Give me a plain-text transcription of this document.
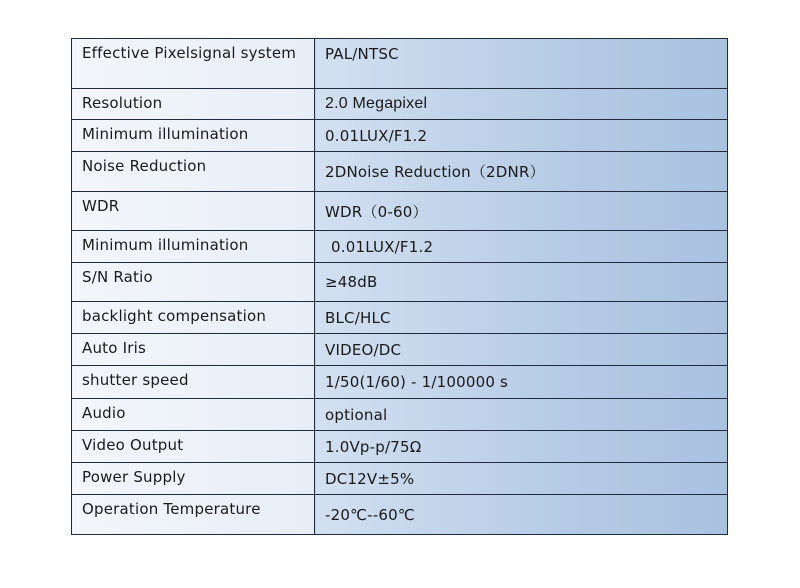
Effective Pixelsignal system	PAL/NTSC
Resolution	2.0 Megapixel
Minimum illumination	0.01LUX/F1.2
Noise Reduction	2DNoise Reduction（2DNR）
WDR	WDR（0-60）
Minimum illumination	0.01LUX/F1.2
S/N Ratio	≥48dB
backlight compensation	BLC/HLC
Auto Iris	VIDEO/DC
shutter speed	1/50(1/60) - 1/100000 s
Audio	optional
Video Output	1.0Vp-p/75Ω
Power Supply	DC12V±5%
Operation Temperature	-20℃--60℃
